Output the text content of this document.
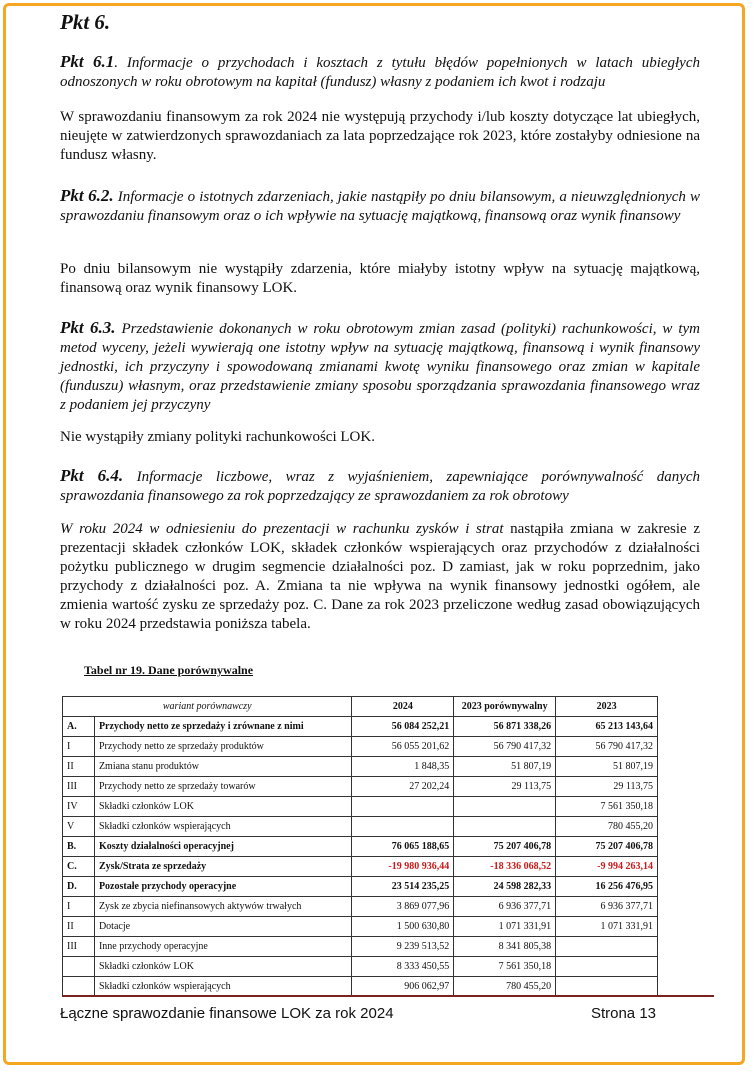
Pkt 6.
Pkt 6.1. Informacje o przychodach i kosztach z tytułu błędów popełnionych w latach ubiegłych odnoszonych w roku obrotowym na kapitał (fundusz) własny z podaniem ich kwot i rodzaju
W sprawozdaniu finansowym za rok 2024 nie występują przychody i/lub koszty dotyczące lat ubiegłych, nieujęte w zatwierdzonych sprawozdaniach za lata poprzedzające rok 2023, które zostałyby odniesione na fundusz własny.
Pkt 6.2. Informacje o istotnych zdarzeniach, jakie nastąpiły po dniu bilansowym, a nieuwzględnionych w sprawozdaniu finansowym oraz o ich wpływie na sytuację majątkową, finansową oraz wynik finansowy
Po dniu bilansowym nie wystąpiły zdarzenia, które miałyby istotny wpływ na sytuację majątkową, finansową oraz wynik finansowy LOK.
Pkt 6.3. Przedstawienie dokonanych w roku obrotowym zmian zasad (polityki) rachunkowości, w tym metod wyceny, jeżeli wywierają one istotny wpływ na sytuację majątkową, finansową i wynik finansowy jednostki, ich przyczyny i spowodowaną zmianami kwotę wyniku finansowego oraz zmian w kapitale (funduszu) własnym, oraz przedstawienie zmiany sposobu sporządzania sprawozdania finansowego wraz z podaniem jej przyczyny
Nie wystąpiły zmiany polityki rachunkowości LOK.
Pkt 6.4. Informacje liczbowe, wraz z wyjaśnieniem, zapewniające porównywalność danych sprawozdania finansowego za rok poprzedzający ze sprawozdaniem za rok obrotowy
W roku 2024 w odniesieniu do prezentacji w rachunku zysków i strat nastąpiła zmiana w zakresie z prezentacji składek członków LOK, składek członków wspierających oraz przychodów z działalności pożytku publicznego w drugim segmencie działalności poz. D zamiast, jak w roku poprzednim, jako przychody z działalności poz. A. Zmiana ta nie wpływa na wynik finansowy jednostki ogółem, ale zmienia wartość zysku ze sprzedaży poz. C. Dane za rok 2023 przeliczone według zasad obowiązujących w roku 2024 przedstawia poniższa tabela.
Tabel nr 19. Dane porównywalne
wariant porównawczy		2024	2023 porównywalny	2023
A.	Przychody netto ze sprzedaży i zrównane z nimi	56 084 252,21	56 871 338,26	65 213 143,64
I	Przychody netto ze sprzedaży produktów	56 055 201,62	56 790 417,32	56 790 417,32
II	Zmiana stanu produktów	1 848,35	51 807,19	51 807,19
III	Przychody netto ze sprzedaży towarów	27 202,24	29 113,75	29 113,75
IV	Składki członków LOK			7 561 350,18
V	Składki członków wspierających			780 455,20
B.	Koszty działalności operacyjnej	76 065 188,65	75 207 406,78	75 207 406,78
C.	Zysk/Strata ze sprzedaży	-19 980 936,44	-18 336 068,52	-9 994 263,14
D.	Pozostałe przychody operacyjne	23 514 235,25	24 598 282,33	16 256 476,95
I	Zysk ze zbycia niefinansowych aktywów trwałych	3 869 077,96	6 936 377,71	6 936 377,71
II	Dotacje	1 500 630,80	1 071 331,91	1 071 331,91
III	Inne przychody operacyjne	9 239 513,52	8 341 805,38	
	Składki członków LOK	8 333 450,55	7 561 350,18	
	Składki członków wspierających	906 062,97	780 455,20	
Łączne sprawozdanie finansowe LOK za rok 2024	Strona 13
